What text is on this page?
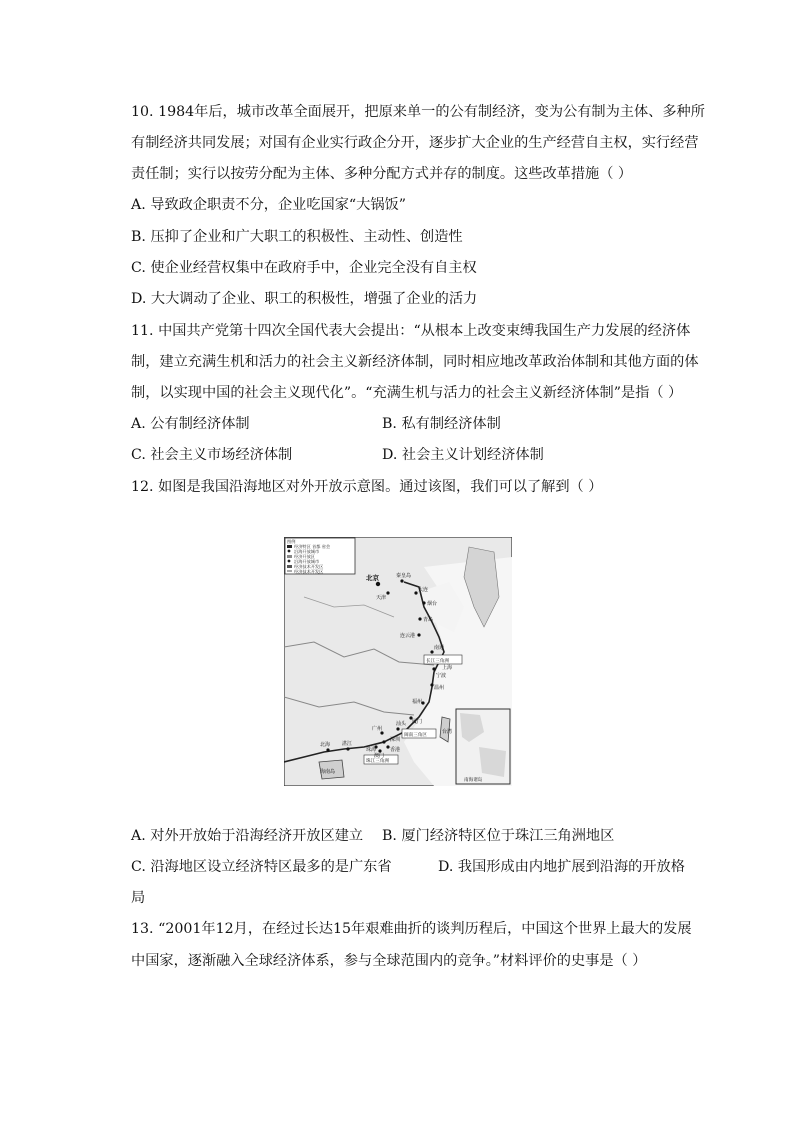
10. 1984年后，城市改革全面展开，把原来单一的公有制经济，变为公有制为主体、多种所
有制经济共同发展；对国有企业实行政企分开，逐步扩大企业的生产经营自主权，实行经营
责任制；实行以按劳分配为主体、多种分配方式并存的制度。这些改革措施（ ）
A. 导致政企职责不分，企业吃国家“大锅饭”
B. 压抑了企业和广大职工的积极性、主动性、创造性
C. 使企业经营权集中在政府手中，企业完全没有自主权
D. 大大调动了企业、职工的积极性，增强了企业的活力
11. 中国共产党第十四次全国代表大会提出：“从根本上改变束缚我国生产力发展的经济体
制，建立充满生机和活力的社会主义新经济体制，同时相应地改革政治体制和其他方面的体
制，以实现中国的社会主义现代化”。“充满生机与活力的社会主义新经济体制”是指（ ）
A. 公有制经济体制	B. 私有制经济体制
C. 社会主义市场经济体制	D. 社会主义计划经济体制
12. 如图是我国沿海地区对外开放示意图。通过该图，我们可以了解到（ ）
图例
经济特区 首都 省会
沿海开放城市
经济开放区
沿海开放城市
经济技术开发区
经济技术开发区
北京
天津
秦皇岛
大连
烟台
青岛
连云港
南通
上海
宁波
温州
福州
厦门
汕头
广州
深圳
珠海	香港
澳门
湛江
北海
海南岛
台湾
长江三角洲
闽南三角区
珠江三角洲
南海诸岛
A. 对外开放始于沿海经济开放区建立	B. 厦门经济特区位于珠江三角洲地区
C. 沿海地区设立经济特区最多的是广东省	D. 我国形成由内地扩展到沿海的开放格
局
13. “2001年12月，在经过长达15年艰难曲折的谈判历程后，中国这个世界上最大的发展
中国家，逐渐融入全球经济体系，参与全球范围内的竞争。”材料评价的史事是（ ）
